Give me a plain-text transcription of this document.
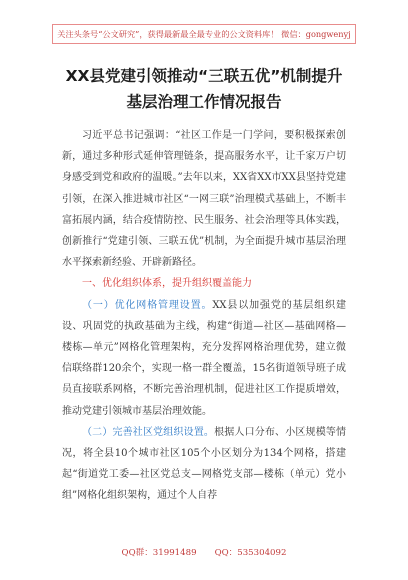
关注头条号“公文研究”，获得最新最全最专业的公文资料库！ 微信：gongwenyj
XX县党建引领推动“三联五优”机制提升
基层治理工作情况报告

习近平总书记强调：“社区工作是一门学问，要积极探索创新，通过多种形式延伸管理链条，提高服务水平，让千家万户切身感受到党和政府的温暖。”去年以来，XX省XX市XX县坚持党建引领，在深入推进城市社区“一网三联”治理模式基础上，不断丰富拓展内涵，结合疫情防控、民生服务、社会治理等具体实践，创新推行“党建引领、三联五优”机制，为全面提升城市基层治理水平探索新经验、开辟新路径。

一、优化组织体系，提升组织覆盖能力

（一）优化网格管理设置。XX县以加强党的基层组织建设、巩固党的执政基础为主线，构建“街道—社区—基础网格—楼栋—单元”网格化管理架构，充分发挥网格治理优势，建立微信联络群120余个，实现一格一群全覆盖，15名街道领导班子成员直接联系网格，不断完善治理机制，促进社区工作提质增效，推动党建引领城市基层治理效能。

（二）完善社区党组织设置。根据人口分布、小区规模等情况，将全县10个城市社区105个小区划分为134个网格，搭建起“街道党工委—社区党总支—网格党支部—楼栋（单元）党小组”网格化组织架构，通过个人自荐

QQ群：31991489 QQ：535304092
